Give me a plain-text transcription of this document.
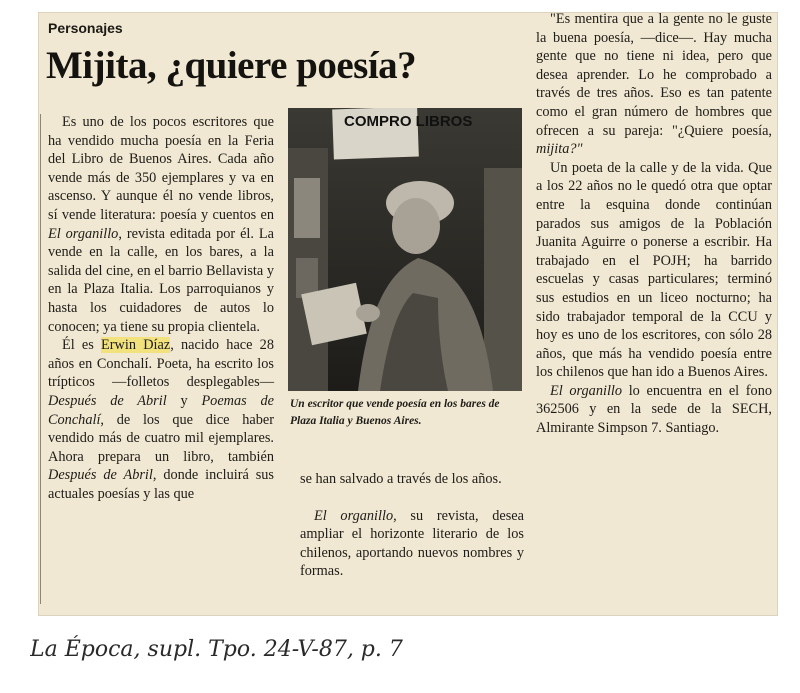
Personajes
Mijita, ¿quiere poesía?

Es uno de los pocos escritores que ha vendido mucha poesía en la Feria del Libro de Buenos Aires. Cada año vende más de 350 ejemplares y va en ascenso. Y aunque él no vende libros, sí vende literatura: poesía y cuentos en El organillo, revista editada por él. La vende en la calle, en los bares, a la salida del cine, en el barrio Bellavista y en la Plaza Italia. Los parroquianos y hasta los cuidadores de autos lo conocen; ya tiene su propia clientela.

Él es Erwin Díaz, nacido hace 28 años en Conchalí. Poeta, ha escrito los trípticos —folletos desplegables— Después de Abril y Poemas de Conchalí, de los que dice haber vendido más de cuatro mil ejemplares. Ahora prepara un libro, también Después de Abril, donde incluirá sus actuales poesías y las que

COMPRO LIBROS
Un escritor que vende poesía en los bares de Plaza Italia y Buenos Aires.

se han salvado a través de los años.

El organillo, su revista, desea ampliar el horizonte literario de los chilenos, aportando nuevos nombres y formas.

"Es mentira que a la gente no le guste la buena poesía, —dice—. Hay mucha gente que no tiene ni idea, pero que desea aprender. Lo he comprobado a través de tres años. Eso es tan patente como el gran número de hombres que ofrecen a su pareja: "¿Quiere poesía, mijita?"

Un poeta de la calle y de la vida. Que a los 22 años no le quedó otra que optar entre la esquina donde continúan parados sus amigos de la Población Juanita Aguirre o ponerse a escribir. Ha trabajado en el POJH; ha barrido escuelas y casas particulares; terminó sus estudios en un liceo nocturno; ha sido trabajador temporal de la CCU y hoy es uno de los escritores, con sólo 28 años, que más ha vendido poesía entre los chilenos que han ido a Buenos Aires.

El organillo lo encuentra en el fono 362506 y en la sede de la SECH, Almirante Simpson 7. Santiago.

La Época, supl. Tpo. 24-V-87, p. 7
